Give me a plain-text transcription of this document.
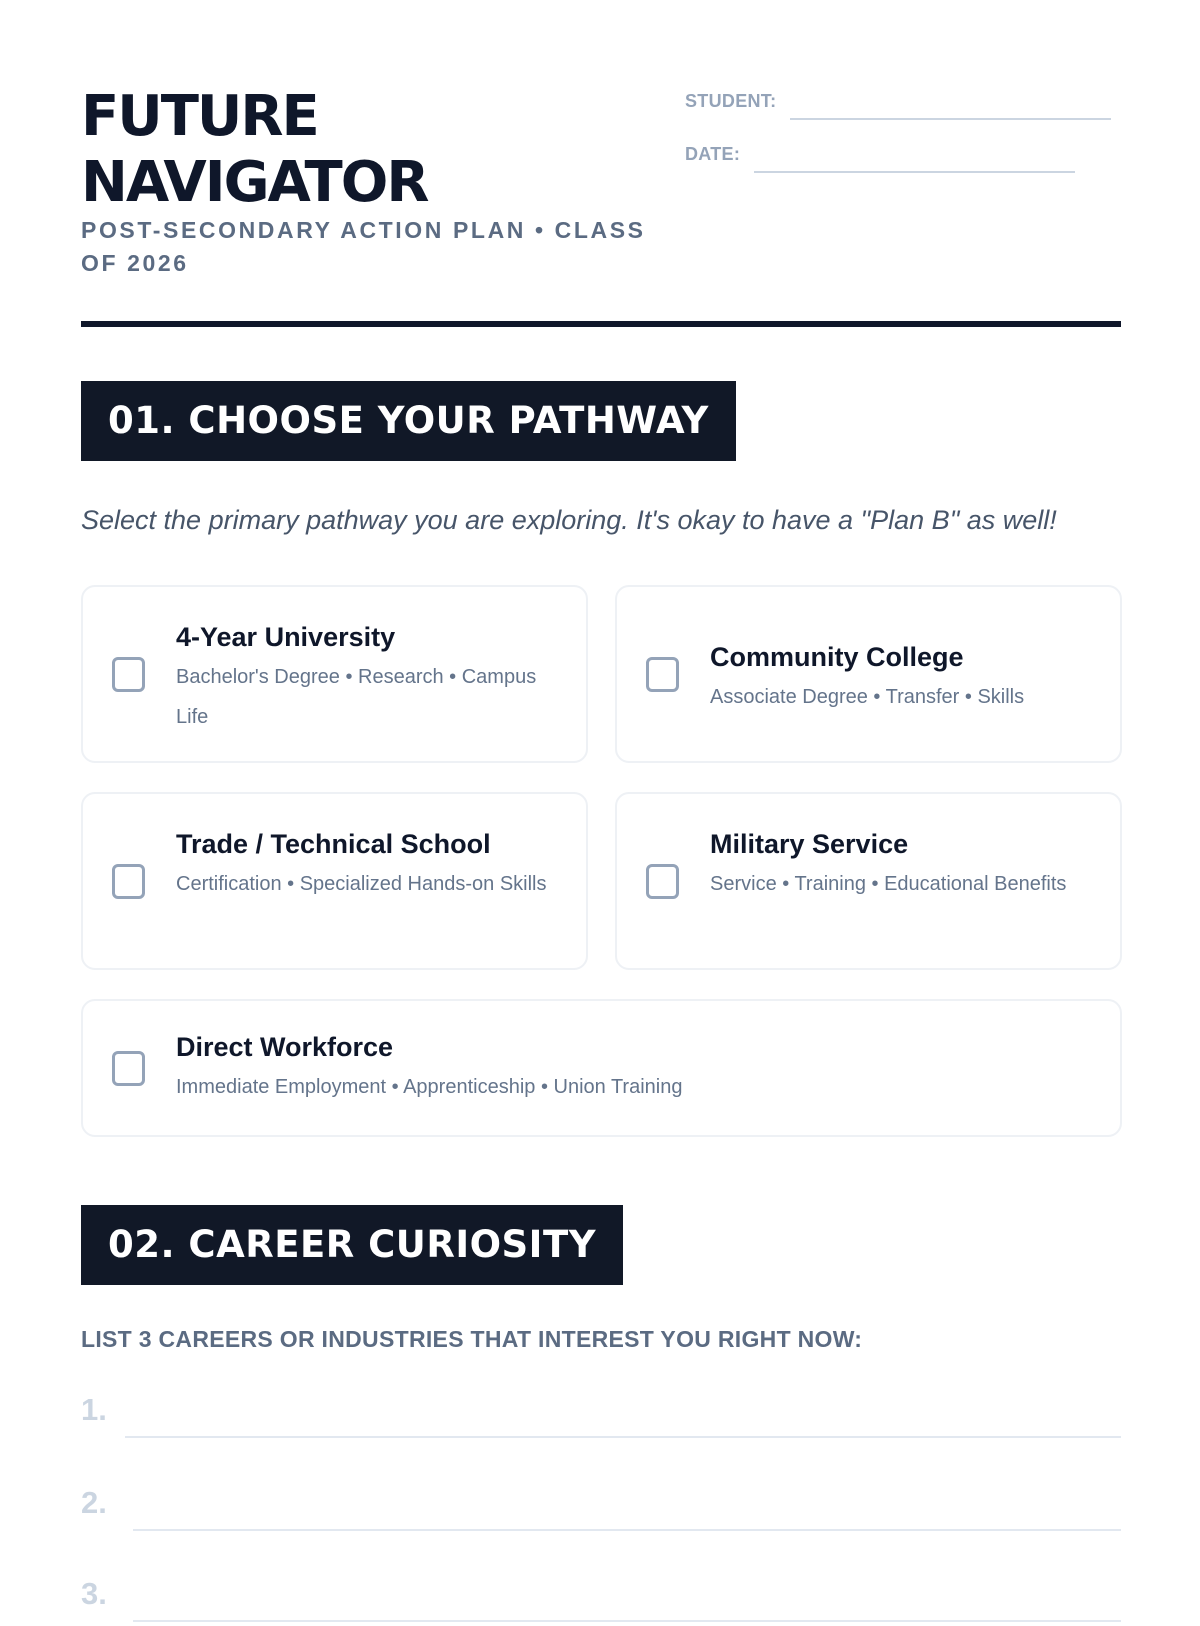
FUTURE
NAVIGATOR
POST-SECONDARY ACTION PLAN • CLASS OF 2026
STUDENT:
DATE:
01. CHOOSE YOUR PATHWAY
Select the primary pathway you are exploring. It's okay to have a "Plan B" as well!
4-Year University
Bachelor's Degree • Research • Campus Life
Community College
Associate Degree • Transfer • Skills
Trade / Technical School
Certification • Specialized Hands-on Skills
Military Service
Service • Training • Educational Benefits
Direct Workforce
Immediate Employment • Apprenticeship • Union Training
02. CAREER CURIOSITY
LIST 3 CAREERS OR INDUSTRIES THAT INTEREST YOU RIGHT NOW:
1.
2.
3.
